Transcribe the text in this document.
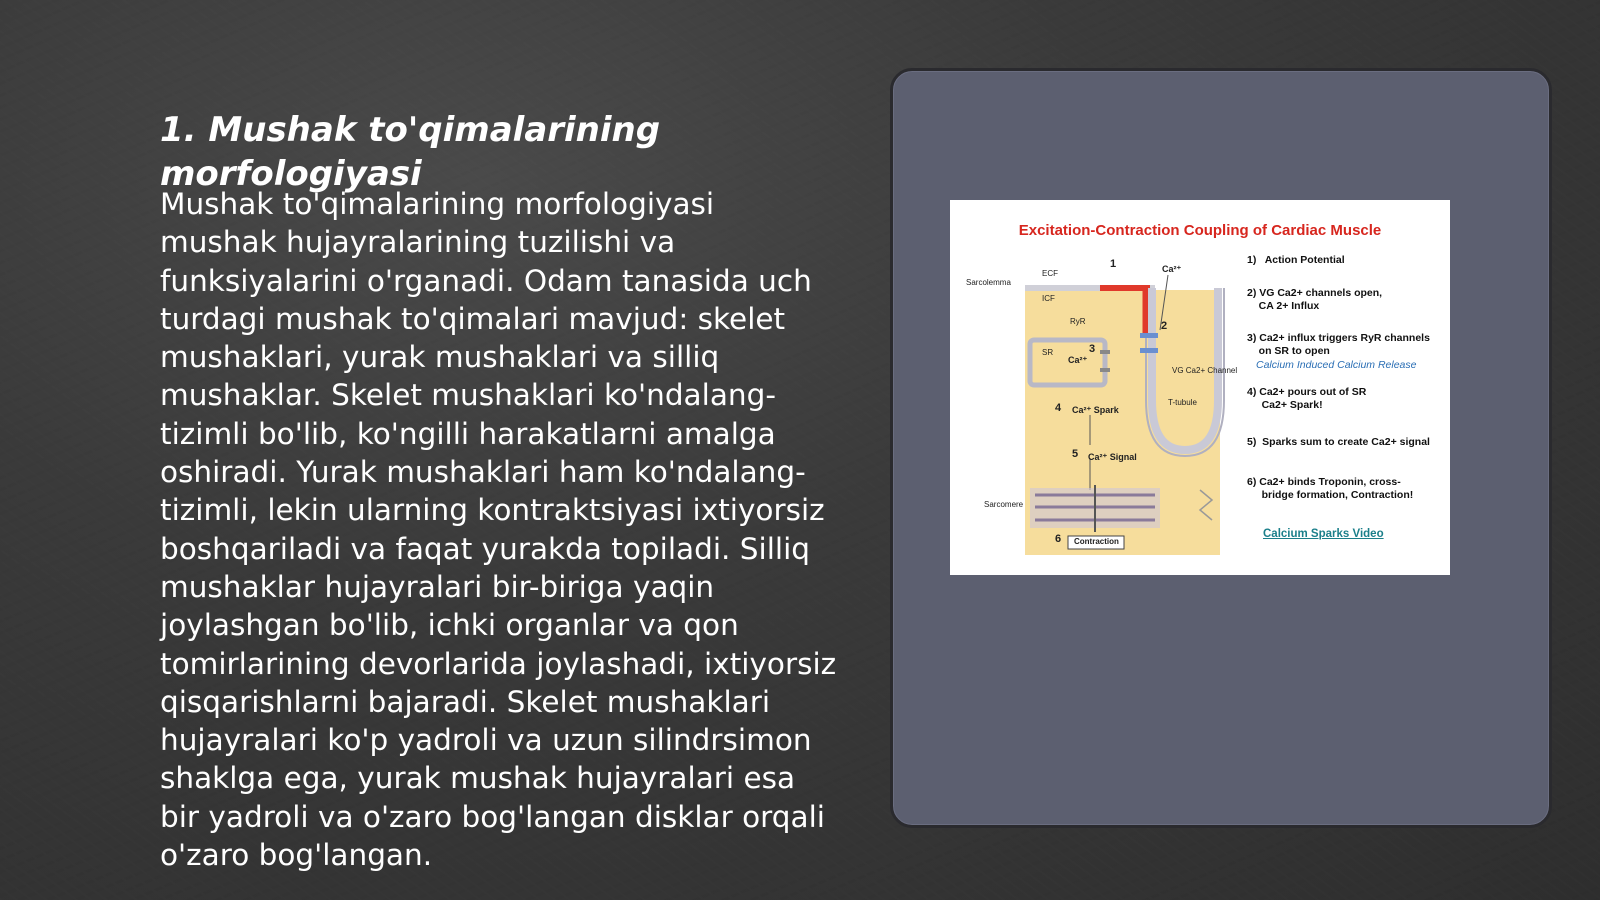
1. Mushak to'qimalarining morfologiyasi
Mushak to'qimalarining morfologiyasi mushak hujayralarining tuzilishi va funksiyalarini o'rganadi. Odam tanasida uch turdagi mushak to'qimalari mavjud: skelet mushaklari, yurak mushaklari va silliq mushaklar. Skelet mushaklari ko'ndalang-tizimli bo'lib, ko'ngilli harakatlarni amalga oshiradi. Yurak mushaklari ham ko'ndalang-tizimli, lekin ularning kontraktsiyasi ixtiyorsiz boshqariladi va faqat yurakda topiladi. Silliq mushaklar hujayralari bir-biriga yaqin joylashgan bo'lib, ichki organlar va qon tomirlarining devorlarida joylashadi, ixtiyorsiz qisqarishlarni bajaradi. Skelet mushaklari hujayralari ko'p yadroli va uzun silindrsimon shaklga ega, yurak mushak hujayralari esa bir yadroli va o'zaro bog'langan disklar orqali o'zaro bog'langan.
Excitation-Contraction Coupling of Cardiac Muscle
Sarcolemma
ECF
ICF
RyR
SR
Ca²⁺
Ca²⁺
VG Ca2+ Channel
T-tubule
Ca²⁺ Spark
Ca²⁺ Signal
Sarcomere
Contraction
1
2
3
4
5
6
1)   Action Potential
2) VG Ca2+ channels open,
CA 2+ Influx
3) Ca2+ influx triggers RyR channels
on SR to open
Calcium Induced Calcium Release
4) Ca2+ pours out of SR
Ca2+ Spark!
5)  Sparks sum to create Ca2+ signal
6) Ca2+ binds Troponin, cross-
bridge formation, Contraction!
Calcium Sparks Video
